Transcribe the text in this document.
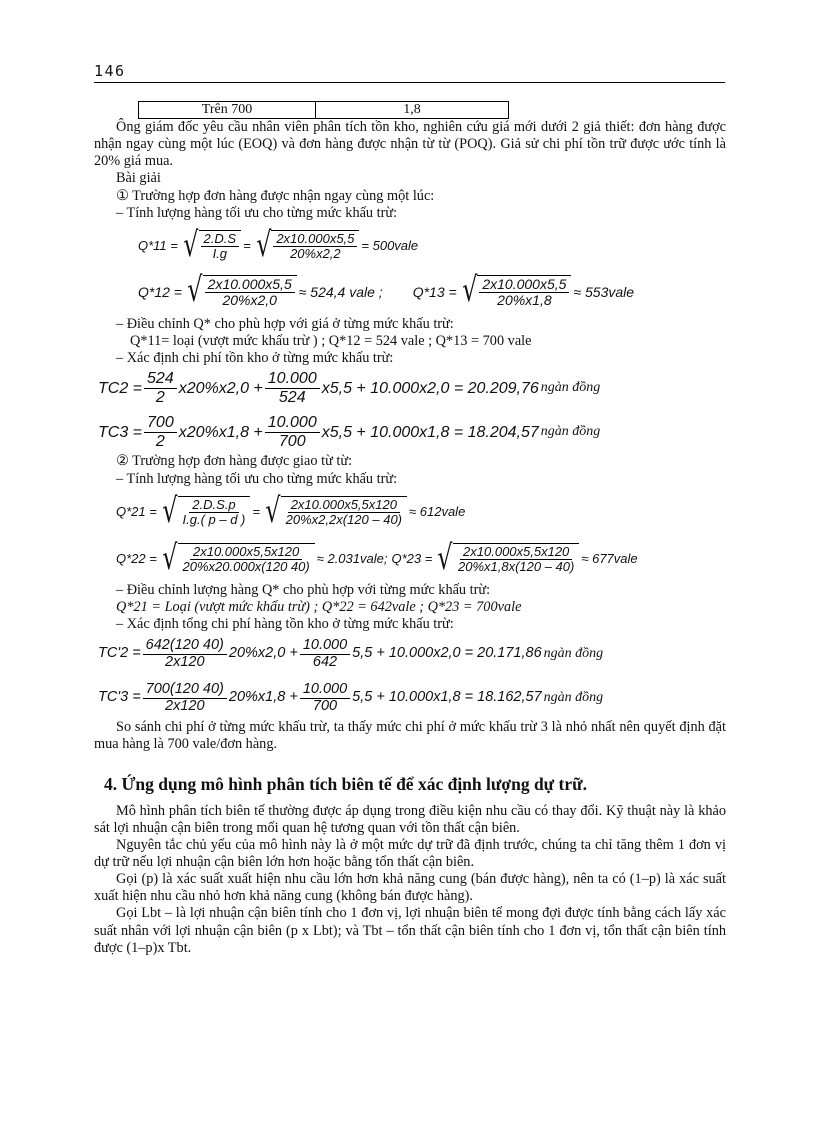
146
Trên 700	1,8

Ông giám đốc yêu cầu nhân viên phân tích tồn kho, nghiên cứu giá mới dưới 2 giả thiết: đơn hàng được nhận ngay cùng một lúc (EOQ) và đơn hàng được nhận từ từ (POQ). Giả sử chi phí tồn trữ được ước tính là 20% giá mua.

Bài giải

① Trường hợp đơn hàng được nhận ngay cùng một lúc:

– Tính lượng hàng tối ưu cho từng mức khấu trừ:

Q*11 = √ $\frac{2.D.S}{I.g}$ = √ $\frac{2x10.000x5,5}{20\%x2,2}$ = 500vale
Q*12 = √ $\frac{2x10.000x5,5}{20\%x2,0} \approx 524,4$ vale ; Q*13 = √ $\frac{2x10.000x5,5}{20\%x1,8}$ ≈ 553vale

– Điều chỉnh Q* cho phù hợp với giá ở từng mức khấu trừ:

Q*11= loại (vượt mức khấu trừ ) ; Q*12 = 524 vale ; Q*13 = 700 vale

– Xác định chi phí tồn kho ở từng mức khấu trừ:

$TC2 = \frac{524}{2} x20\%x2,0 + \frac{10.000}{524} x5,5 + 10.000x2,0 = 20.209,76$ ngàn đồng
$TC3 = \frac{700}{2} x20\%x1,8 + \frac{10.000}{700} x5,5 + 10.000x1,8 = 18.204,57$ ngàn đồng

② Trường hợp đơn hàng được giao từ từ:

– Tính lượng hàng tối ưu cho từng mức khấu trừ:

Q*21 = √ $\frac{2.D.S.p}{I.g.( p - d )}$ = √ $\frac{2x10.000x5,5x120}{20\%x2,2x(120 - 40)}$ ≈ 612vale
Q*22 = √ $\frac{2x10.000x5,5x120}{20\%x20.000x(120 40)}$ ≈ 2.031vale; Q*23 = √ $\frac{2x10.000x5,5x120}{20\%x1,8x(120 - 40)}$ ≈ 677vale

– Điều chỉnh lượng hàng Q* cho phù hợp với từng mức khấu trừ:

Q*21 = Loại (vượt mức khấu trừ) ; Q*22 = 642vale ; Q*23 = 700vale

– Xác định tổng chi phí hàng tồn kho ở từng mức khấu trừ:

$TC'2 = \frac{642(120 40)}{2x120} 20\%x2,0 + \frac{10.000}{642} 5,5 + 10.000x2,0 = 20.171,86$ ngàn đồng
$TC'3 = \frac{700(120 40)}{2x120} 20\%x1,8 + \frac{10.000}{700} 5,5 + 10.000x1,8 = 18.162,57$ ngàn đồng

So sánh chi phí ở từng mức khấu trừ, ta thấy mức chi phí ở mức khấu trừ 3 là nhỏ nhất nên quyết định đặt mua hàng là 700 vale/đơn hàng.

4. Ứng dụng mô hình phân tích biên tế để xác định lượng dự trữ.

Mô hình phân tích biên tế thường được áp dụng trong điều kiện nhu cầu có thay đổi. Kỹ thuật này là khảo sát lợi nhuận cận biên trong mối quan hệ tương quan với tồn thất cận biên.

Nguyên tắc chủ yếu của mô hình này là ở một mức dự trữ đã định trước, chúng ta chỉ tăng thêm 1 đơn vị dự trữ nếu lợi nhuận cận biên lớn hơn hoặc bằng tổn thất cận biên.

Gọi (p) là xác suất xuất hiện nhu cầu lớn hơn khả năng cung (bán được hàng), nên ta có (1–p) là xác suất xuất hiện nhu cầu nhỏ hơn khả năng cung (không bán được hàng).

Gọi Lbt – là lợi nhuận cận biên tính cho 1 đơn vị, lợi nhuận biên tế mong đợi được tính bằng cách lấy xác suất nhân với lợi nhuận cận biên (p x Lbt); và Tbt – tổn thất cận biên tính cho 1 đơn vị, tổn thất cận biên tính được (1–p)x Tbt.
